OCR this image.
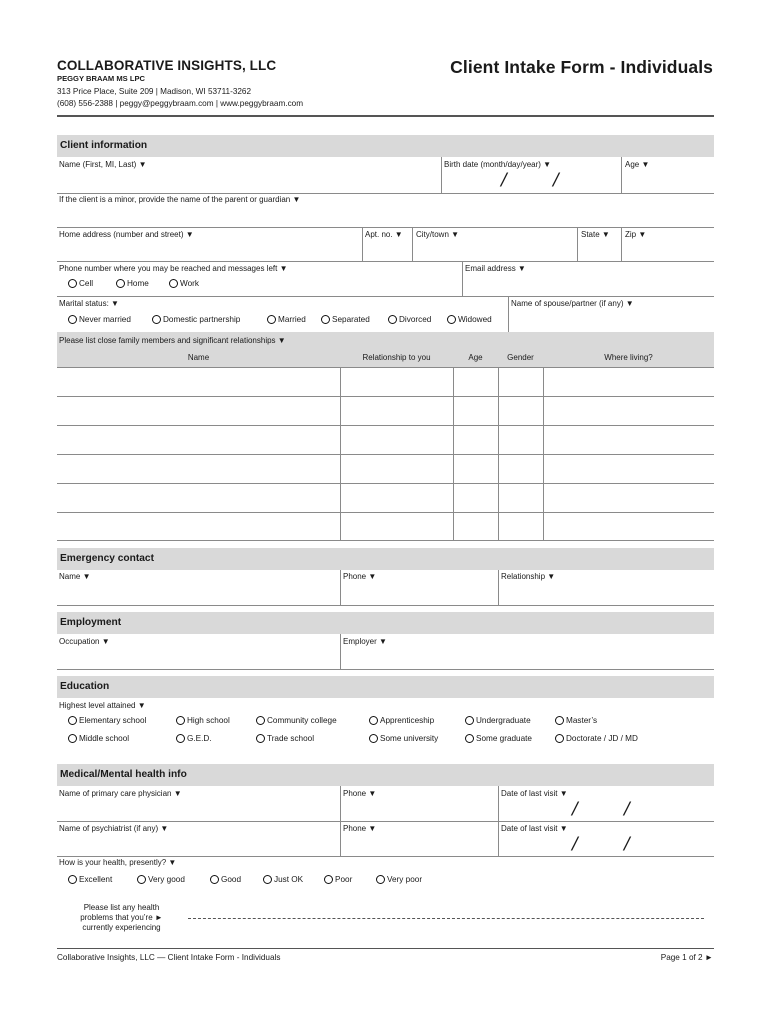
COLLABORATIVE INSIGHTS, LLC
PEGGY BRAAM MS LPC
313 Price Place, Suite 209 | Madison, WI 53711-3262
(608) 556-2388 | peggy@peggybraam.com | www.peggybraam.com
Client Intake Form - Individuals
Client information
Name (First, MI, Last) ▼	Birth date (month/day/year) ▼	Age ▼
/	/
If the client is a minor, provide the name of the parent or guardian ▼
Home address (number and street) ▼	Apt. no. ▼ City/town ▼	State ▼ Zip ▼
Phone number where you may be reached and messages left ▼
Cell	Home	Work
Email address ▼
Marital status: ▼
Never married	Domestic partnership	Married	Separated	Divorced	Widowed
Name of spouse/partner (if any) ▼
Please list close family members and significant relationships ▼
Name	Relationship to you	Age	Gender	Where living?
Emergency contact
Name ▼	Phone ▼	Relationship ▼
Employment
Occupation ▼	Employer ▼
Education
Highest level attained ▼
Elementary school	High school	Community college	Apprenticeship	Undergraduate	Master’s
Middle school	G.E.D.	Trade school	Some university	Some graduate	Doctorate / JD / MD
Medical/Mental health info
Name of primary care physician ▼	Phone ▼	Date of last visit ▼
/	/
Name of psychiatrist (if any) ▼	Phone ▼	Date of last visit ▼
/	/
How is your health, presently? ▼
Excellent	Very good	Good	Just OK	Poor	Very poor
Please list any health
problems that you’re ►
currently experiencing
Collaborative Insights, LLC — Client Intake Form - Individuals	Page 1 of 2 ►
